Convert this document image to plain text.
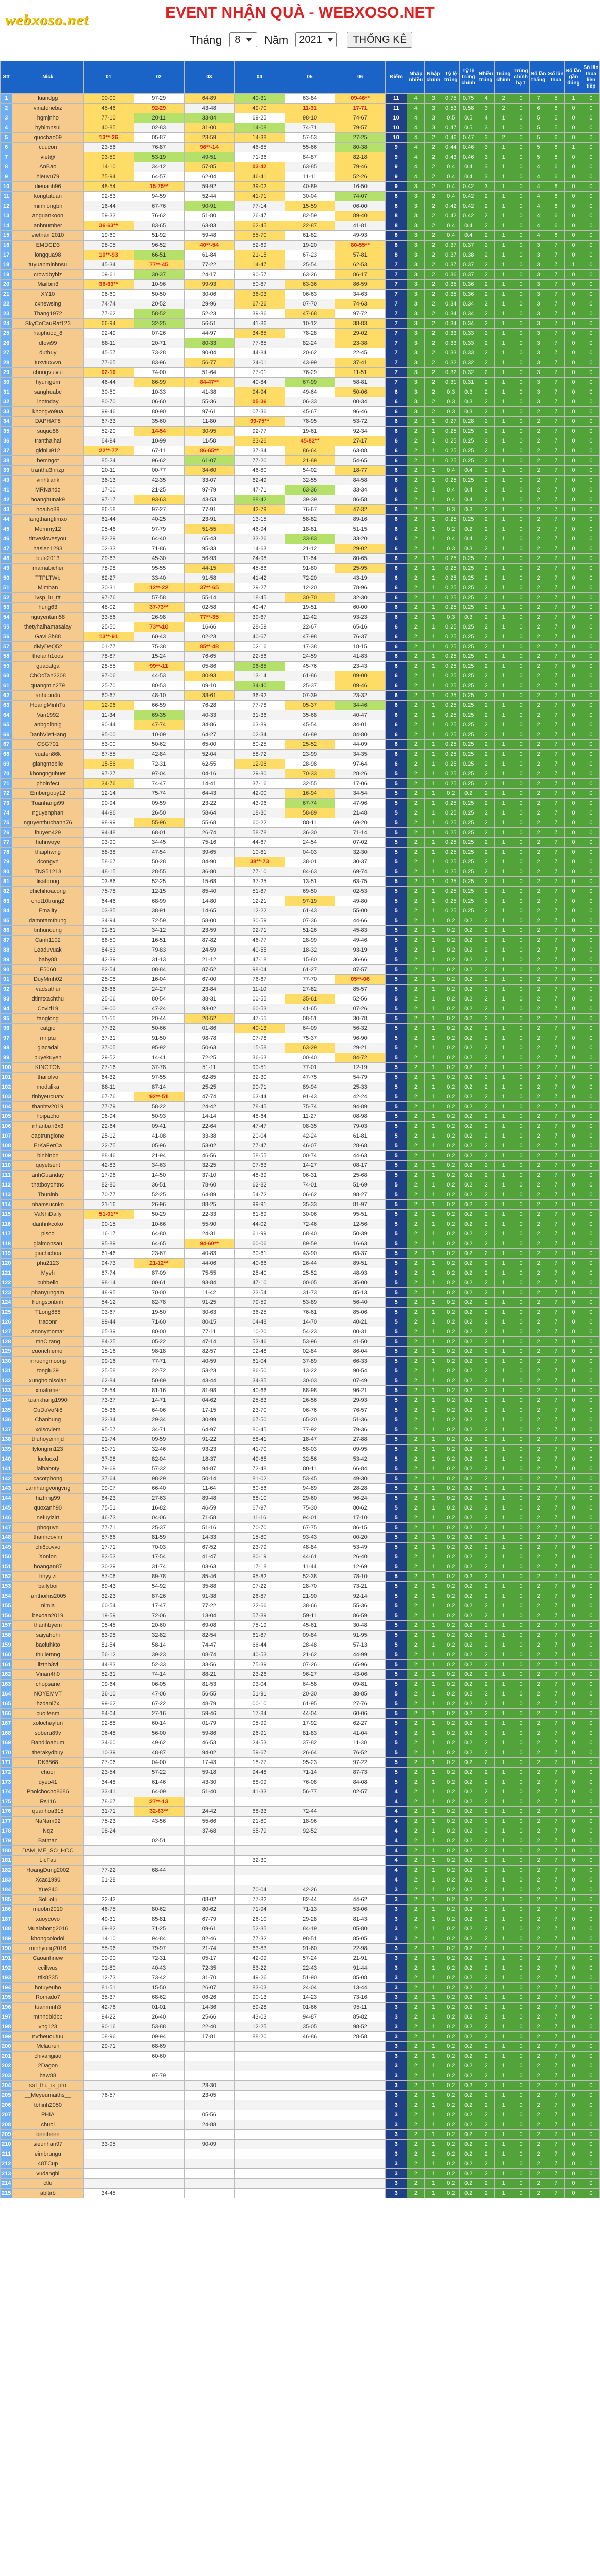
webxoso.net	EVENT NHẬN QUÀ - WEBXOSO.NET
Tháng 8 Năm 2021	THỐNG KÊ
Stt	Nick	01	02	03	04	05	06	Điểm	Nhập nhiều	Nhập chính	Tỷ lệ trúng	Tỷ lệ trúng chính	Nhiều trúng	Trúng chính	Trúng chính hạ 1	Số lần thắng	Số lần thua	Số lần gần đúng	Số lần thua liên tiếp
1	luandgg	00-00	97-29	64-89	40-31	63-84	09-46**	11	4	3	0.75	0.75	4	2	0	7	5	1	0
2	vinafonebiz	45-46	92-29	43-48	49-70	11-31	17-71	11	4	3	0.53	0.58	3	2	0	6	6	0	0
3	hgmjnho	77-10	20-11	33-84	69-25	98-10	74-67	10	4	3	0.5	0.5	4	1	0	5	5	0	0
4	hyhlmnsui	40-85	02-83	31-00	14-08	74-71	79-57	10	4	3	0.47	0.5	3	1	0	5	5	0	0
5	quochao09	13**-26	05-87	23-59	14-38	57-53	27-25	10	4	2	0.46	0.47	3	2	0	5	6	0	0
6	cuucon	23-56	76-87	96**-14	46-85	55-66	80-38	9	4	2	0.44	0.46	3	1	0	5	6	1	0
7	viet@	93-59	53-19	49-51	71-36	84-87	82-18	9	4	2	0.43	0.46	3	1	0	5	6	0	0
8	AnBao	14-10	34-12	57-85	03-42	63-85	79-46	9	4	2	0.4	0.4	3	1	0	4	6	0	0
9	hieuvu79	75-94	64-57	62-04	46-41	11-11	52-26	9	4	2	0.4	0.4	3	1	0	4	6	0	0
10	dieuanh96	48-54	15-75**	59-92	39-02	40-89	16-50	9	3	2	0.4	0.42	3	1	0	4	6	0	0
11	kongtutuan	92-83	94-59	52-44	41-71	30-04	74-07	8	3	2	0.4	0.42	2	1	0	4	6	0	0
12	minhlongbn	16-44	67-76	90-91	77-14	15-59	06-00	8	3	2	0.42	0.42	2	1	0	4	6	0	0
13	anguankoon	59-33	76-62	51-80	26-47	82-59	89-40	8	3	2	0.42	0.42	2	1	0	4	6	0	0
14	anhnumber	36-63**	83-65	63-83	62-45	22-87	41-81	8	3	2	0.4	0.4	2	1	0	4	6	0	0
15	vietnam2010	19-60	51-92	59-48	55-70	61-82	49-93	8	3	2	0.4	0.4	2	1	0	4	6	0	0
16	EMDCD3	98-05	96-52	40**-54	52-69	19-20	80-55**	8	3	2	0.37	0.37	2	1	0	3	7	0	0
17	longqua98	10**-93	66-51	61-84	21-15	67-23	57-81	8	3	2	0.37	0.38	2	1	0	3	7	0	0
18	tuyuanminhnsu	45-34	77**-45	77-22	14-47	25-54	62-53	7	3	2	0.37	0.37	2	1	0	3	7	1	0
19	crowdbybiz	09-61	30-37	24-17	90-57	63-26	86-17	7	3	2	0.36	0.37	2	1	0	3	7	0	0
20	Mailbin3	36-63**	10-96	99-93	50-87	63-36	86-59	7	3	2	0.35	0.36	2	1	0	3	7	0	0
21	XY10	96-60	50-50	30-06	36-03	06-63	34-63	7	3	2	0.35	0.36	2	1	0	3	7	0	0
22	cxnewsing	74-74	20-52	29-96	67-26	07-70	74-63	7	3	2	0.34	0.34	2	1	0	3	7	0	0
23	Thang1972	77-62	58-52	52-23	39-86	47-68	97-72	7	3	2	0.34	0.34	2	1	0	3	7	0	0
24	SkyCoCauRat123	66-94	32-25	56-51	41-86	10-12	38-83	7	3	2	0.34	0.34	2	1	0	3	7	0	0
25	haiphuoc_8	92-49	07-26	44-97	34-65	78-28	29-02	7	3	2	0.33	0.33	2	1	0	3	7	0	0
26	dfovi99	88-11	20-71	80-33	77-65	82-24	23-38	7	3	2	0.33	0.33	2	1	0	3	7	0	0
27	duthuy	45-57	73-28	90-04	44-84	20-62	22-45	7	3	2	0.33	0.33	2	1	0	3	7	0	0
28	tuxvtuxvvn	77-65	83-96	56-77	24-01	43-99	37-41	7	3	2	0.32	0.32	2	1	0	3	7	0	0
29	chungvuivui	02-10	74-00	51-64	77-01	76-29	11-51	7	3	2	0.32	0.32	2	1	0	3	7	0	0
30	hyunigem	46-44	86-99	84-47**	40-84	67-99	58-81	7	3	2	0.31	0.31	2	1	0	3	7	0	0
31	sanghuabc	30-50	10-33	41-38	94-94	49-64	50-06	6	3	2	0.3	0.3	2	1	0	3	7	0	0
32	inotnday	80-70	06-60	55-36	05-36	06-33	00-34	6	3	2	0.3	0.3	2	1	0	3	7	0	0
33	khongvo9ua	99-46	80-90	97-61	07-36	45-67	96-46	6	3	2	0.3	0.3	2	1	0	2	7	0	0
34	DAPHAT8	67-33	35-60	11-80	99-75**	78-95	53-72	6	2	1	0.27	0.28	2	1	0	2	7	0	0
35	suquo86	52-20	14-54	30-95	92-77	19-61	92-34	6	2	1	0.25	0.25	2	1	0	2	7	0	0
36	tranthaihai	64-94	10-99	11-58	83-26	45-82**	27-17	6	2	1	0.25	0.25	2	1	0	2	7	0	0
37	gidnlu912	22**-77	67-11	86-65**	37-34	86-64	63-88	6	2	1	0.25	0.25	2	1	0	2	7	0	0
38	bemngot	85-24	96-62	61-07	77-20	21-89	54-65	6	2	1	0.25	0.25	2	1	0	2	7	0	0
39	tranthu3nnzp	20-11	00-77	34-60	46-80	54-02	18-77	6	2	1	0.4	0.4	2	1	0	2	7	0	0
40	vinhtrank	36-13	42-35	33-07	62-49	32-55	84-58	6	2	1	0.25	0.25	2	1	0	2	7	0	0
41	MRNando	17-00	21-25	97-79	47-71	63-36	33-34	6	2	1	0.4	0.4	2	1	0	2	7	0	0
42	hoanghunak9	97-17	93-63	43-53	88-42	39-39	86-58	6	2	1	0.4	0.4	2	1	0	2	7	0	0
43	hoaiho89	86-58	97-27	77-91	42-79	76-67	47-32	6	2	1	0.3	0.3	2	1	0	2	7	0	0
44	langthangtimxo	61-44	40-25	23-91	13-15	58-82	89-16	6	2	1	0.25	0.25	2	1	0	2	7	0	0
45	Mommy12	95-46	97-79	51-55	46-94	18-81	51-15	6	2	1	0.2	0.2	2	1	0	2	7	0	0
46	tinvesiovesyou	82-29	64-40	65-43	33-26	33-83	33-20	6	2	1	0.4	0.4	2	1	0	2	7	0	0
47	hasien1293	02-33	71-86	95-33	14-63	21-12	29-02	6	2	1	0.3	0.3	2	1	0	2	7	0	0
48	bule2013	29-63	45-30	56-93	24-98	11-64	80-65	6	2	1	0.25	0.25	2	1	0	2	7	0	0
49	mamabichei	78-98	95-55	44-15	45-86	91-80	25-95	6	2	1	0.25	0.25	2	1	0	2	7	0	0
50	TTPLTWb	62-27	33-40	91-58	41-42	72-20	43-19	6	2	1	0.25	0.25	2	1	0	2	7	0	0
51	Mimhan	30-31	12**-22	37**-65	29-27	12-20	78-96	6	2	1	0.25	0.25	2	1	0	2	7	0	0
52	lvsp_lu_ttt	97-76	57-58	55-14	18-45	30-70	32-30	6	2	1	0.25	0.25	2	1	0	2	7	0	0
53	hung63	48-02	37-73**	02-58	49-47	19-51	60-00	6	2	1	0.25	0.25	2	1	0	2	7	0	0
54	nguyentam58	33-56	26-98	77**-35	39-67	12-42	93-23	6	2	1	0.3	0.3	2	1	0	2	7	0	0
55	thetyhaihamasalay	25-50	73**-10	16-66	28-59	22-67	65-16	6	2	1	0.25	0.25	2	1	0	2	7	0	0
56	GavL3h88	13**-91	60-43	02-23	40-67	47-98	76-37	6	2	1	0.25	0.25	2	1	0	2	7	0	0
57	dMyDeQ52	01-77	75-38	85**-48	02-16	17-38	18-15	6	2	1	0.25	0.25	2	1	0	2	7	0	0
58	thelanh1oos	78-87	15-24	76-65	22-56	24-59	41-83	6	2	1	0.25	0.25	2	1	0	2	7	0	0
59	guacatga	28-55	99**-11	05-86	96-85	45-76	23-43	6	2	1	0.25	0.25	2	1	0	2	7	0	0
60	ChOcTan2208	97-06	44-53	80-93	13-14	61-86	09-00	6	2	1	0.25	0.25	2	1	0	2	7	0	0
61	quangmin279	25-70	80-53	09-10	34-40	25-37	09-46	6	2	1	0.25	0.25	2	1	0	2	7	0	0
62	anhcon4u	60-67	48-10	33-61	36-92	07-39	23-32	6	2	1	0.25	0.25	2	1	0	2	7	0	0
63	HoangMinhTu	12-96	66-59	76-28	77-78	05-37	34-46	6	2	1	0.25	0.25	2	1	0	2	7	0	0
64	Van1992	11-34	69-35	40-33	31-36	35-68	40-47	6	2	1	0.25	0.25	2	1	0	2	7	0	0
65	anbgoibnlg	90-44	47-74	34-86	63-89	45-54	34-01	6	2	1	0.25	0.25	2	1	0	2	7	0	0
66	DanhVietHang	95-00	10-09	64-27	02-34	46-89	84-80	6	2	1	0.25	0.25	2	1	0	2	7	0	0
67	CSG701	53-00	50-62	65-00	80-25	25-52	44-09	6	2	1	0.25	0.25	2	1	0	2	7	0	0
68	vuaten86k	87-55	42-84	52-04	58-72	23-99	34-35	6	2	1	0.25	0.25	2	1	0	2	7	0	0
69	giangmobile	15-56	72-31	62-55	12-96	28-98	97-64	6	2	1	0.25	0.25	2	1	0	2	7	0	0
70	khongnguhuet	97-27	97-04	04-16	29-80	70-33	28-26	5	2	1	0.25	0.25	2	1	0	2	7	0	0
71	phoinfect	34-76	74-47	14-41	37-16	32-55	17-06	5	2	1	0.25	0.25	2	1	0	2	7	0	0
72	Embergouy12	12-14	75-74	64-43	42-00	16-94	34-54	5	2	1	0.2	0.2	2	1	0	2	7	0	0
73	Tuanhangi99	90-94	09-59	23-22	43-96	67-74	47-96	5	2	1	0.25	0.25	2	1	0	2	7	0	0
74	nguyenphan	44-96	26-50	58-64	18-30	58-89	21-48	5	2	1	0.25	0.25	2	1	0	2	7	0	0
75	nguyenthuchanh76	98-99	55-96	55-68	60-22	88-11	69-20	5	2	1	0.25	0.25	2	1	0	2	7	0	0
76	lhuyen429	94-48	68-01	26-74	58-78	36-30	71-14	5	2	1	0.25	0.25	2	1	0	2	7	0	0
77	huhnvoye	93-90	34-45	75-16	44-67	24-54	07-02	5	2	1	0.25	0.25	2	1	0	2	7	0	0
78	thaiphwng	58-38	47-54	39-65	10-81	04-03	32-30	5	2	1	0.25	0.25	2	1	0	2	7	0	0
79	dcongvn	58-67	50-28	84-90	38**-73	38-01	30-37	5	2	1	0.25	0.25	2	1	0	2	7	0	0
80	TNS51213	48-15	28-55	36-80	77-10	84-63	69-74	5	2	1	0.25	0.25	2	1	0	2	7	0	0
81	lisafoung	03-86	52-25	15-68	37-25	13-51	63-75	5	2	1	0.25	0.25	2	1	0	2	7	0	0
82	chichihoacong	75-78	12-15	85-40	51-87	69-50	02-53	5	2	1	0.25	0.25	2	1	0	2	7	0	0
83	chot10trung2	64-46	68-99	14-80	12-21	97-19	49-80	5	2	1	0.25	0.25	2	1	0	2	7	0	0
84	Emailty	03-85	38-91	14-65	12-22	61-43	55-00	5	2	1	0.25	0.25	2	1	0	2	7	0	0
85	damntamthung	34-94	72-59	58-00	30-59	07-36	44-66	5	2	1	0.2	0.2	2	1	0	2	7	0	0
86	tinhunoung	91-61	34-12	23-59	92-71	51-26	45-83	5	2	1	0.2	0.2	2	1	0	2	7	0	0
87	Canh1102	86-50	16-51	87-82	46-77	28-99	49-46	5	2	1	0.2	0.2	2	1	0	2	7	0	0
88	Leaduvuak	84-63	79-83	24-59	40-55	18-32	93-19	5	2	1	0.2	0.2	2	1	0	2	7	0	0
89	baby88	42-39	31-13	21-12	47-18	15-80	36-66	5	2	1	0.2	0.2	2	1	0	2	7	0	0
90	E5060	82-54	08-84	87-52	98-04	61-27	87-57	5	2	1	0.2	0.2	2	1	0	2	7	0	0
91	DuyMinh02	25-08	16-04	67-00	76-67	77-70	05**-06	5	2	1	0.2	0.2	2	1	0	2	7	0	0
92	vadsuthui	26-66	24-27	23-84	11-10	27-82	85-57	5	2	1	0.2	0.2	2	1	0	2	7	0	0
93	dtimtxachthu	25-06	80-54	38-31	00-55	35-61	52-56	5	2	1	0.2	0.2	2	1	0	2	7	0	0
94	Covid19	09-00	47-24	93-02	60-53	41-65	07-26	5	2	1	0.2	0.2	2	1	0	2	7	0	0
95	fanglong	51-55	20-44	20-52	47-55	08-51	30-78	5	2	1	0.2	0.2	2	1	0	2	7	0	0
96	catgio	77-32	50-66	01-86	40-13	64-09	56-32	5	2	1	0.2	0.2	2	1	0	2	7	0	0
97	mnptu	37-31	91-50	98-78	07-78	75-37	96-90	5	2	1	0.2	0.2	2	1	0	2	7	0	0
98	giacadai	37-05	95-92	50-63	15-58	63-29	29-21	5	2	1	0.2	0.2	2	1	0	2	7	0	0
99	buyekuyen	29-52	14-41	72-25	36-63	00-40	84-72	5	2	1	0.2	0.2	2	1	0	2	7	0	0
100	KINGTON	27-16	37-78	51-11	90-51	77-01	12-19	5	2	1	0.2	0.2	2	1	0	2	7	0	0
101	thaiiolvo	64-32	97-55	62-85	32-30	47-75	54-79	5	2	1	0.2	0.2	2	1	0	2	7	0	0
102	modulika	88-11	87-14	25-25	90-71	89-94	25-33	5	2	1	0.2	0.2	2	1	0	2	7	0	0
103	tinhyeucuatv	67-76	92**-51	47-74	63-44	91-43	42-24	5	2	1	0.2	0.2	2	1	0	2	7	0	0
104	thanhtv2019	77-79	58-22	24-42	78-45	75-74	94-89	5	2	1	0.2	0.2	2	1	0	2	7	0	0
105	hoipacho	06-94	50-93	14-14	48-64	11-27	08-98	5	2	1	0.2	0.2	2	1	0	2	7	0	0
106	nhanban3x3	22-64	09-41	22-64	47-47	08-35	79-03	5	2	1	0.2	0.2	2	1	0	2	7	0	0
107	captrunglone	25-12	41-08	33-38	20-04	42-24	61-81	5	2	1	0.2	0.2	2	1	0	2	7	0	0
108	ErKaFerCa	22-75	05-96	53-02	77-47	46-07	28-68	5	2	1	0.2	0.2	2	1	0	2	7	0	0
109	binbinbn	88-46	21-94	46-56	58-55	00-74	44-63	5	2	1	0.2	0.2	2	1	0	2	7	0	0
110	quyetsent	42-83	34-63	32-25	07-63	14-27	08-17	5	2	1	0.2	0.2	2	1	0	2	7	0	0
111	anhGuanday	17-96	14-50	37-10	48-39	06-31	25-68	5	2	1	0.2	0.2	2	1	0	2	7	0	0
112	thatboyohtnc	82-80	36-51	78-60	62-82	74-01	51-69	5	2	1	0.2	0.2	2	1	0	2	7	0	0
113	Thuninh	70-77	52-25	64-89	54-72	06-62	98-27	5	2	1	0.2	0.2	2	1	0	2	7	0	0
114	nhamsucnkn	21-16	26-96	88-25	99-91	35-33	81-97	5	2	1	0.2	0.2	2	1	0	2	7	0	0
115	VaNhiDaily	51-01**	50-29	22-33	61-69	30-06	95-51	5	2	1	0.2	0.2	2	1	0	2	7	0	0
116	danhnkcoko	90-15	10-66	55-90	44-02	72-46	12-56	5	2	1	0.2	0.2	2	1	0	2	7	0	0
117	pisco	16-17	64-80	24-31	61-99	68-40	50-39	5	2	1	0.2	0.2	2	1	0	2	7	0	0
118	giaimonsau	95-89	64-65	94-60**	60-06	89-59	16-63	5	2	1	0.2	0.2	2	1	0	2	7	0	0
119	giachichoa	61-46	23-67	40-83	30-61	43-90	63-37	5	2	1	0.2	0.2	2	1	0	2	7	0	0
120	phu2123	94-73	21-12**	44-06	40-66	26-44	89-51	5	2	1	0.2	0.2	2	1	0	2	7	0	0
121	Myvh	87-74	87-09	75-55	25-40	25-52	48-93	5	2	1	0.2	0.2	2	1	0	2	7	0	0
122	cuhbelio	98-14	00-61	93-84	47-10	00-05	35-00	5	2	1	0.2	0.2	2	1	0	2	7	0	0
123	phanyungam	48-95	70-00	11-42	23-54	31-73	85-13	5	2	1	0.2	0.2	2	1	0	2	7	0	0
124	hongsonbnh	54-12	82-78	91-25	79-59	53-89	56-40	5	2	1	0.2	0.2	2	1	0	2	7	0	0
125	TLong888	03-67	19-50	30-63	36-25	76-61	85-06	5	2	1	0.2	0.2	2	1	0	2	7	0	0
126	traoonr	99-44	71-60	80-15	04-48	14-70	40-21	5	2	1	0.2	0.2	2	1	0	2	7	0	0
127	anonymomar	65-39	80-00	77-11	10-20	54-23	00-31	5	2	1	0.2	0.2	2	1	0	2	7	0	0
128	mnClrang	84-25	05-22	47-14	53-46	53-96	41-50	5	2	1	0.2	0.2	2	1	0	2	7	0	0
129	cuonchiemoi	15-16	98-18	82-57	02-48	02-84	86-04	5	2	1	0.2	0.2	2	1	0	2	7	0	0
130	mruongmoong	99-16	77-71	40-59	61-04	37-89	66-33	5	2	1	0.2	0.2	2	1	0	2	7	0	0
131	tonglu39	25-58	22-72	53-23	86-50	13-22	90-54	5	2	1	0.2	0.2	2	1	0	2	7	0	0
132	xunghoioisolan	62-84	50-89	43-44	34-85	30-03	07-49	5	2	1	0.2	0.2	2	1	0	2	7	0	0
133	xmalrimer	06-54	81-16	81-98	40-66	88-98	96-21	5	2	1	0.2	0.2	2	1	0	2	7	0	0
134	tuankhang1990	73-37	14-71	04-62	25-83	26-56	29-93	5	2	1	0.2	0.2	2	1	0	2	7	0	0
135	CuDuVoNi8	05-36	64-06	17-15	23-70	06-76	76-57	5	2	1	0.2	0.2	2	1	0	2	7	0	0
136	Chanhung	32-34	29-34	30-99	67-50	65-20	51-36	5	2	1	0.2	0.2	2	1	0	2	7	0	0
137	xoisoviem	95-57	34-71	64-97	80-45	77-92	79-36	5	2	1	0.2	0.2	2	1	0	2	7	0	0
138	thuhoyeinnjd	91-74	09-59	91-22	58-41	18-47	27-88	5	2	1	0.2	0.2	2	1	0	2	7	0	0
139	lylongnn123	50-71	32-46	93-23	41-70	58-03	09-95	5	2	1	0.2	0.2	2	1	0	2	7	0	0
140	luclucxd	37-98	82-04	18-37	49-65	32-56	53-42	5	2	1	0.2	0.2	2	1	0	2	7	0	0
141	laibabnty	79-69	57-32	94-87	72-48	80-11	66-84	5	2	1	0.2	0.2	2	1	0	2	7	0	0
142	cacotphong	37-64	98-29	50-14	81-02	53-45	49-30	5	2	1	0.2	0.2	2	1	0	2	7	0	0
143	Lamhangvongvng	09-07	66-40	11-64	60-56	94-89	28-28	5	2	1	0.2	0.2	2	1	0	2	7	0	0
144	hizthng99	64-23	27-63	89-48	68-10	29-60	96-24	5	2	1	0.2	0.2	2	1	0	2	7	0	0
145	quoxanh90	75-51	16-82	46-59	67-97	75-30	80-62	5	2	1	0.2	0.2	2	1	0	2	7	0	0
146	nefuylzirt	46-73	04-06	71-58	11-16	94-01	17-10	5	2	1	0.2	0.2	2	1	0	2	7	0	0
147	phoquvn	77-71	25-37	51-16	70-70	67-75	86-15	5	2	1	0.2	0.2	2	1	0	2	7	0	0
148	thanhcovim	57-66	81-59	14-33	15-80	93-43	00-20	5	2	1	0.2	0.2	2	1	0	2	7	0	0
149	chi8covvo	17-71	70-03	67-52	23-79	48-84	53-49	5	2	1	0.2	0.2	2	1	0	2	7	0	0
150	Xonlon	83-53	17-54	41-47	80-19	44-61	26-40	5	2	1	0.2	0.2	2	1	0	2	7	0	0
151	hoangan87	30-29	31-74	03-63	17-18	11-44	12-69	5	2	1	0.2	0.2	2	1	0	2	7	0	0
152	hhyylzi	57-06	89-78	85-46	95-82	52-38	78-10	5	2	1	0.2	0.2	2	1	0	2	7	0	0
153	bailyboi	69-43	54-92	35-88	07-22	28-70	73-21	5	2	1	0.2	0.2	2	1	0	2	7	0	0
154	fanthoihis2005	32-23	87-26	91-38	26-87	21-90	92-14	5	2	1	0.2	0.2	2	1	0	2	7	0	0
155	nimia	60-54	17-47	77-22	22-66	38-66	55-36	5	2	1	0.2	0.2	2	1	0	2	7	0	0
156	bexoan2019	19-59	72-06	13-04	57-89	59-11	86-59	5	2	1	0.2	0.2	2	1	0	2	7	0	0
157	thanhbyem	05-45	20-60	69-08	75-19	45-61	30-48	5	2	1	0.2	0.2	2	1	0	2	7	0	0
158	saiyahohi	63-98	32-82	82-54	61-87	09-84	91-95	5	2	1	0.2	0.2	2	1	0	2	7	0	0
159	baeluhkto	81-54	58-14	74-47	66-44	28-48	57-13	5	2	1	0.2	0.2	2	1	0	2	7	0	0
160	thuliemng	56-12	39-23	08-74	40-53	21-62	44-99	5	2	1	0.2	0.2	2	1	0	2	7	0	0
161	lizthh3vi	44-83	52-33	33-56	75-39	07-26	65-96	5	2	1	0.2	0.2	2	1	0	2	7	0	0
162	Vinan4h0	52-31	74-14	88-21	23-26	96-27	43-06	5	2	1	0.2	0.2	2	1	0	2	7	0	0
163	chopsane	09-64	06-05	81-53	93-04	64-58	09-81	5	2	1	0.2	0.2	2	1	0	2	7	0	0
164	NOYEMVT	36-10	47-06	56-55	51-91	20-30	38-85	5	2	1	0.2	0.2	2	1	0	2	7	0	0
165	hzdani7x	99-62	67-22	48-79	00-10	61-95	27-76	5	2	1	0.2	0.2	2	1	0	2	7	0	0
166	cuoifenm	84-04	27-16	59-46	17-84	44-04	60-06	5	2	1	0.2	0.2	2	1	0	2	7	0	0
167	xolochayfun	92-88	60-14	01-79	05-99	17-92	62-27	5	2	1	0.2	0.2	2	1	0	2	7	0	0
168	soberu89v	06-48	56-00	59-86	26-91	81-83	41-04	5	2	1	0.2	0.2	2	1	0	2	7	0	0
169	Bandiloahum	34-60	49-62	46-53	24-53	37-82	11-30	5	2	1	0.2	0.2	2	1	0	2	7	0	0
170	therakydbuy	10-39	48-87	94-02	59-67	26-64	76-52	5	2	1	0.2	0.2	2	1	0	2	7	0	0
171	DK6868	27-06	04-00	17-43	18-77	95-23	97-22	5	2	1	0.2	0.2	2	1	0	2	7	0	0
172	chuoi	23-54	57-22	59-18	94-48	71-14	87-73	5	2	1	0.2	0.2	2	1	0	2	7	0	0
173	dyeo41	34-48	61-46	43-30	88-09	76-08	84-08	5	2	1	0.2	0.2	2	1	0	2	7	0	0
174	Phoichocho8686	33-41	64-09	51-40	41-33	56-77	02-57	4	2	1	0.2	0.2	2	1	0	2	7	0	0
175	Rs116	78-67	27**-13					4	2	1	0.2	0.2	2	1	0	2	7	0	0
176	quanhoa315	31-71	32-63**	24-42	68-33	72-44		4	2	1	0.2	0.2	2	1	0	2	7	0	0
177	NaNam92	75-23	43-56	55-66	21-80	18-96		4	2	1	0.2	0.2	2	1	0	2	7	0	0
178	Nqz	98-24		37-68	65-79	92-52		4	2	1	0.2	0.2	2	1	0	2	7	0	0
179	Batman		02-51					4	2	1	0.2	0.2	2	1	0	2	7	0	0
180	DAM_ME_SO_HOC							4	2	1	0.2	0.2	2	1	0	2	7	0	0
181	LicFau				32-30			4	2	1	0.2	0.2	2	1	0	2	7	0	0
182	HoangDung2002	77-22	68-44					4	2	1	0.2	0.2	2	1	0	2	7	0	0
183	Xcac1990	51-28						4	2	1	0.2	0.2	2	1	0	2	7	0	0
184	Xue240				70-04	42-26		3	2	1	0.2	0.2	2	1	0	2	7	0	0
185	SolLotu	22-42		08-02	77-82	82-44	44-62	3	2	1	0.2	0.2	2	1	0	2	7	0	0
186	muobn2010	46-75	80-62	80-62	71-94	71-13	53-06	3	2	1	0.2	0.2	2	1	0	2	7	0	0
187	xuoycovo	49-31	85-81	67-79	26-10	29-28	81-43	3	2	1	0.2	0.2	2	1	0	2	7	0	0
188	Mualahong2016	69-82	71-25	09-61	52-35	84-19	05-80	3	2	1	0.2	0.2	2	1	0	2	7	0	0
189	khongcolodoi	14-10	94-84	82-46	77-32	98-51	85-05	3	2	1	0.2	0.2	2	1	0	2	7	0	0
190	minhyung2016	55-96	79-97	21-74	63-83	91-60	22-98	3	2	1	0.2	0.2	2	1	0	2	7	0	0
191	Caoanhnew	00-90	72-31	05-17	42-09	57-24	21-91	3	2	1	0.2	0.2	2	1	0	2	7	0	0
192	ccillwus	01-80	40-43	72-35	53-22	22-43	91-44	3	2	1	0.2	0.2	2	1	0	2	7	0	0
193	ttlk8235	12-73	73-42	31-70	49-26	51-90	85-08	3	2	1	0.2	0.2	2	1	0	2	7	0	0
194	hotuyeuho	81-51	15-50	26-07	83-03	24-04	13-44	3	2	1	0.2	0.2	2	1	0	2	7	0	0
195	Romado7	35-37	68-62	06-26	90-13	14-23	73-16	3	2	1	0.2	0.2	2	1	0	2	7	0	0
196	tuanminh3	42-76	01-01	14-36	59-28	01-66	95-11	3	2	1	0.2	0.2	2	1	0	2	7	0	0
197	mtnhdbidbp	94-22	26-40	25-66	43-03	94-87	85-82	3	2	1	0.2	0.2	2	1	0	2	7	0	0
198	vhg123	90-16	53-88	22-40	12-25	35-05	98-52	3	2	1	0.2	0.2	2	1	0	2	7	0	0
199	nvtheuoutuu	08-96	09-94	17-81	88-20	46-86	28-58	3	2	1	0.2	0.2	2	1	0	2	7	0	0
200	Mclauren	29-71	68-69					3	2	1	0.2	0.2	2	1	0	2	7	0	0
201	chivangiao		60-60					3	2	1	0.2	0.2	2	1	0	2	7	0	0
202	2Dagon							3	2	1	0.2	0.2	2	1	0	2	7	0	0
203	baw88		97-79					3	2	1	0.2	0.2	2	1	0	2	7	0	0
204	sat_thu_is_pro			23-30				3	2	1	0.2	0.2	2	1	0	2	7	0	0
205	__Meyeumaiths__	76-57		23-05				3	2	1	0.2	0.2	2	1	0	2	7	0	0
206	tbhinh2050							3	2	1	0.2	0.2	2	1	0	2	7	0	0
207	PHIA			05-56				3	2	1	0.2	0.2	2	1	0	2	7	0	0
208	chuoi			24-88				3	2	1	0.2	0.2	2	1	0	2	7	0	0
209	beeibeee							3	2	1	0.2	0.2	2	1	0	2	7	0	0
210	sieunhan97	33-95		90-09				3	2	1	0.2	0.2	2	1	0	2	7	0	0
211	eimbrungu							3	2	1	0.2	0.2	2	1	0	2	7	0	0
212	48TCup							3	2	1	0.2	0.2	2	1	0	2	7	0	0
213	vudanghi							3	2	1	0.2	0.2	2	1	0	2	7	0	0
214	ctlu							3	2	1	0.2	0.2	2	1	0	2	7	0	0
215	abltirb	34-45						3	2	1	0.2	0.2	2	1	0	2	7	0	0
